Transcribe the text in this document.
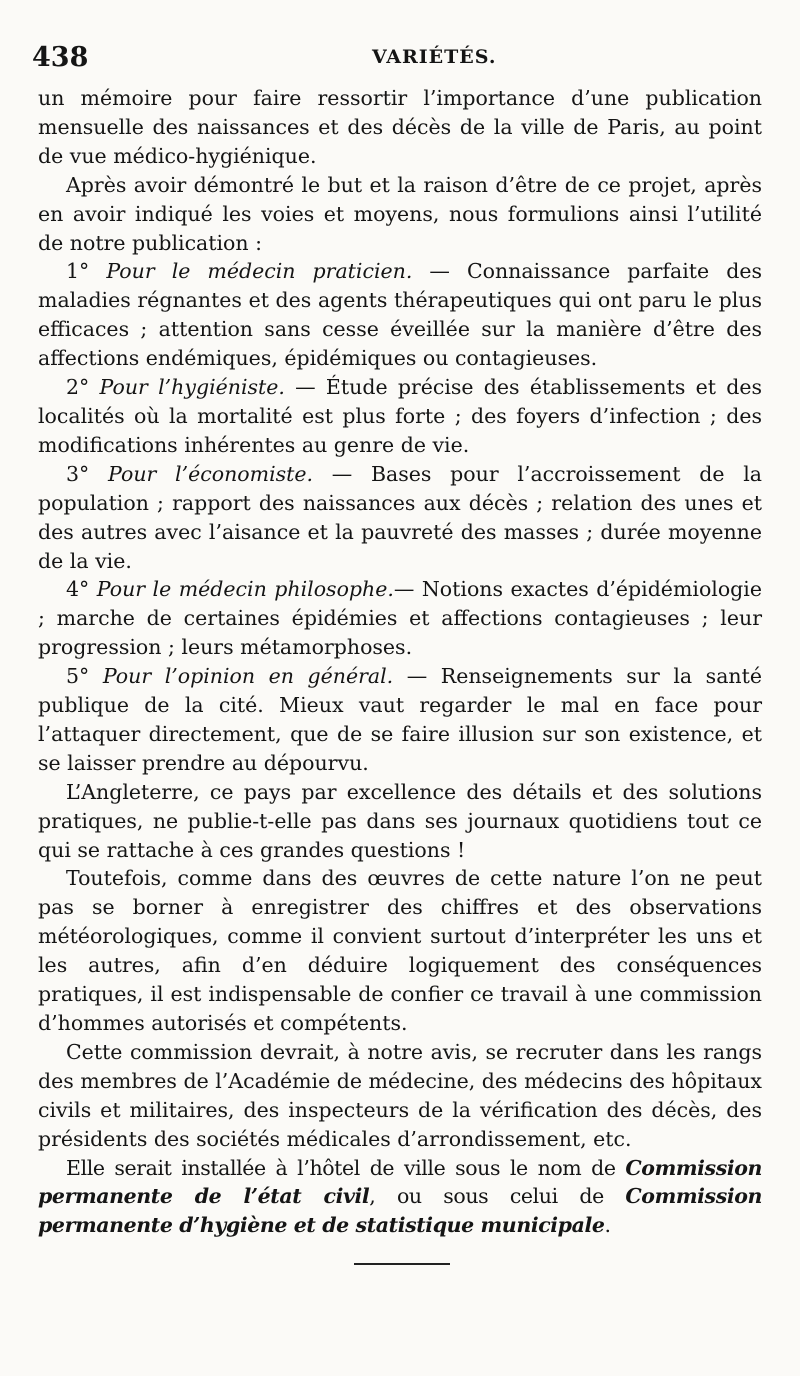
438	VARIÉTÉS.

un mémoire pour faire ressortir l’importance d’une publication mensuelle des naissances et des décès de la ville de Paris, au point de vue médico-hygiénique.

Après avoir démontré le but et la raison d’être de ce projet, après en avoir indiqué les voies et moyens, nous formulions ainsi l’utilité de notre publication :

1° Pour le médecin praticien. — Connaissance parfaite des maladies régnantes et des agents thérapeutiques qui ont paru le plus efficaces ; attention sans cesse éveillée sur la manière d’être des affections endémiques, épidémiques ou contagieuses.

2° Pour l’hygiéniste. — Étude précise des établissements et des localités où la mortalité est plus forte ; des foyers d’infection ; des modifications inhérentes au genre de vie.

3° Pour l’économiste. — Bases pour l’accroissement de la population ; rapport des naissances aux décès ; relation des unes et des autres avec l’aisance et la pauvreté des masses ; durée moyenne de la vie.

4° Pour le médecin philosophe.— Notions exactes d’épidémiologie ; marche de certaines épidémies et affections contagieuses ; leur progression ; leurs métamorphoses.

5° Pour l’opinion en général. — Renseignements sur la santé publique de la cité. Mieux vaut regarder le mal en face pour l’attaquer directement, que de se faire illusion sur son existence, et se laisser prendre au dépourvu.

L’Angleterre, ce pays par excellence des détails et des solutions pratiques, ne publie-t-elle pas dans ses journaux quotidiens tout ce qui se rattache à ces grandes questions !

Toutefois, comme dans des œuvres de cette nature l’on ne peut pas se borner à enregistrer des chiffres et des observations météorologiques, comme il convient surtout d’interpréter les uns et les autres, afin d’en déduire logiquement des conséquences pratiques, il est indispensable de confier ce travail à une commission d’hommes autorisés et compétents.

Cette commission devrait, à notre avis, se recruter dans les rangs des membres de l’Académie de médecine, des médecins des hôpitaux civils et militaires, des inspecteurs de la vérification des décès, des présidents des sociétés médicales d’arrondissement, etc.

Elle serait installée à l’hôtel de ville sous le nom de Commission permanente de l’état civil, ou sous celui de Commission permanente d’hygiène et de statistique municipale.
